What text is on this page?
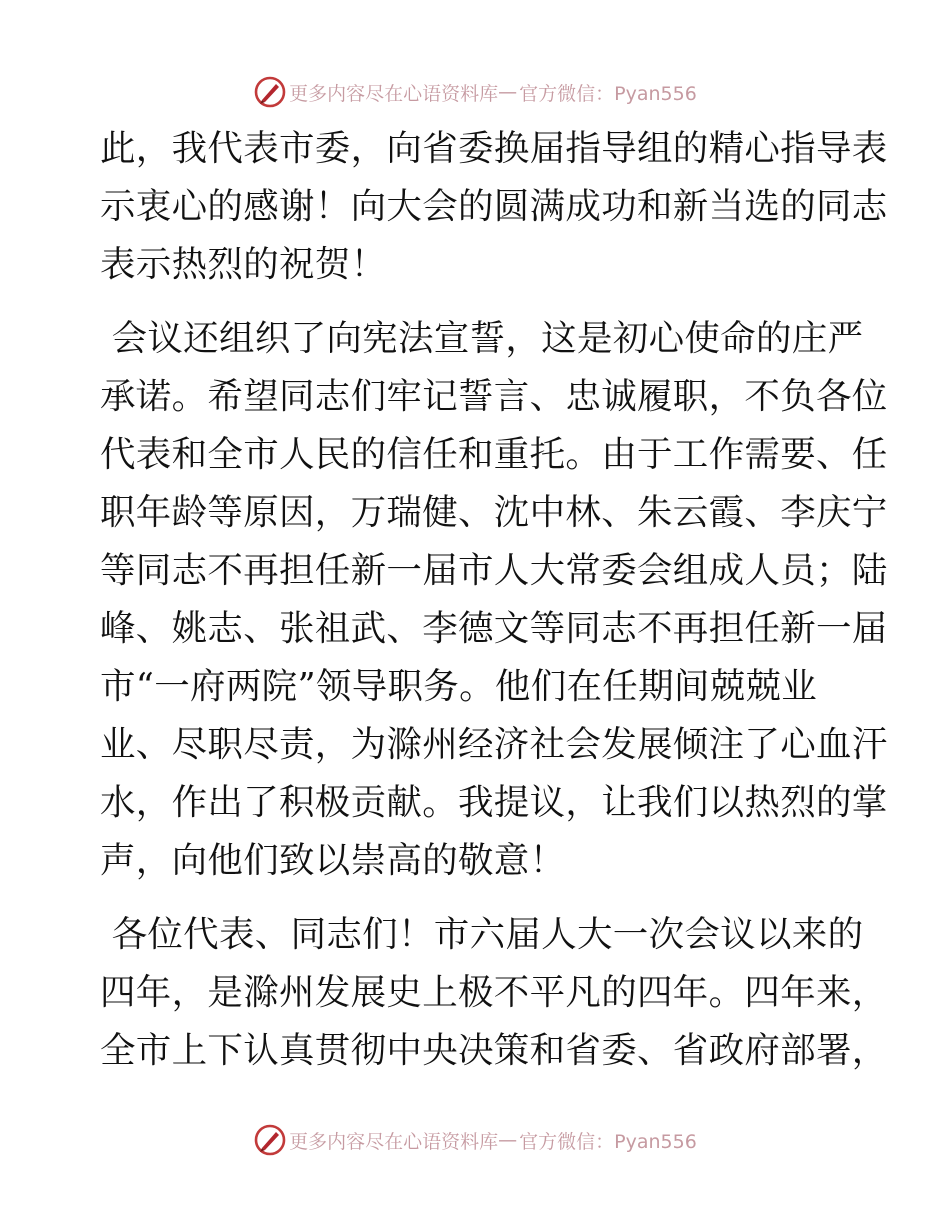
更多内容尽在心语资料库 — 官方微信：Pyan556
此，我代表市委，向省委换届指导组的精心指导表
示衷心的感谢！向大会的圆满成功和新当选的同志
表示热烈的祝贺！
会议还组织了向宪法宣誓，这是初心使命的庄严
承诺。希望同志们牢记誓言、忠诚履职，不负各位
代表和全市人民的信任和重托。由于工作需要、任
职年龄等原因，万瑞健、沈中林、朱云霞、李庆宁
等同志不再担任新一届市人大常委会组成人员；陆
峰、姚志、张祖武、李德文等同志不再担任新一届
市“一府两院”领导职务。他们在任期间兢兢业
业、尽职尽责，为滁州经济社会发展倾注了心血汗
水，作出了积极贡献。我提议，让我们以热烈的掌
声，向他们致以崇高的敬意！
各位代表、同志们！市六届人大一次会议以来的
四年，是滁州发展史上极不平凡的四年。四年来，
全市上下认真贯彻中央决策和省委、省政府部署，
更多内容尽在心语资料库 — 官方微信：Pyan556
